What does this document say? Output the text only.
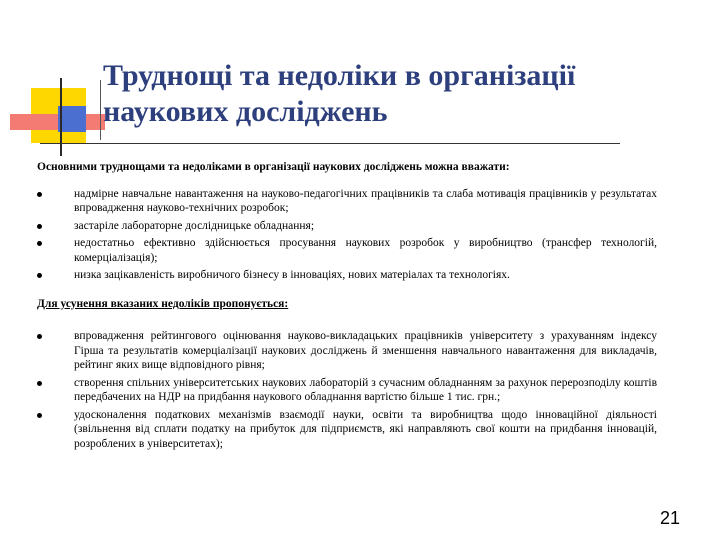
Труднощі та недоліки в організації
наукових досліджень

Основними труднощами та недоліками в організації наукових досліджень можна вважати:

надмірне навчальне навантаження на науково-педагогічних працівників та слаба мотивація працівників у результатах впровадження науково-технічних розробок;
застаріле лабораторне дослідницьке обладнання;
недостатньо ефективно здійснюється просування наукових розробок у виробництво (трансфер технологій, комерціалізація);
низка зацікавленість виробничого бізнесу в інноваціях, нових матеріалах та технологіях.

Для усунення вказаних недоліків пропонується:

впровадження рейтингового оцінювання науково-викладацьких працівників університету з урахуванням індексу Гірша та результатів комерціалізації наукових досліджень й зменшення навчального навантаження для викладачів, рейтинг яких вище відповідного рівня;
створення спільних університетських наукових лабораторій з сучасним обладнанням за рахунок перерозподілу коштів передбачених на НДР на придбання наукового обладнання вартістю більше 1 тис. грн.;
удосконалення податкових механізмів взаємодії науки, освіти та виробництва щодо інноваційної діяльності (звільнення від сплати податку на прибуток для підприємств, які направляють свої кошти на придбання інновацій, розроблених в університетах);
21
